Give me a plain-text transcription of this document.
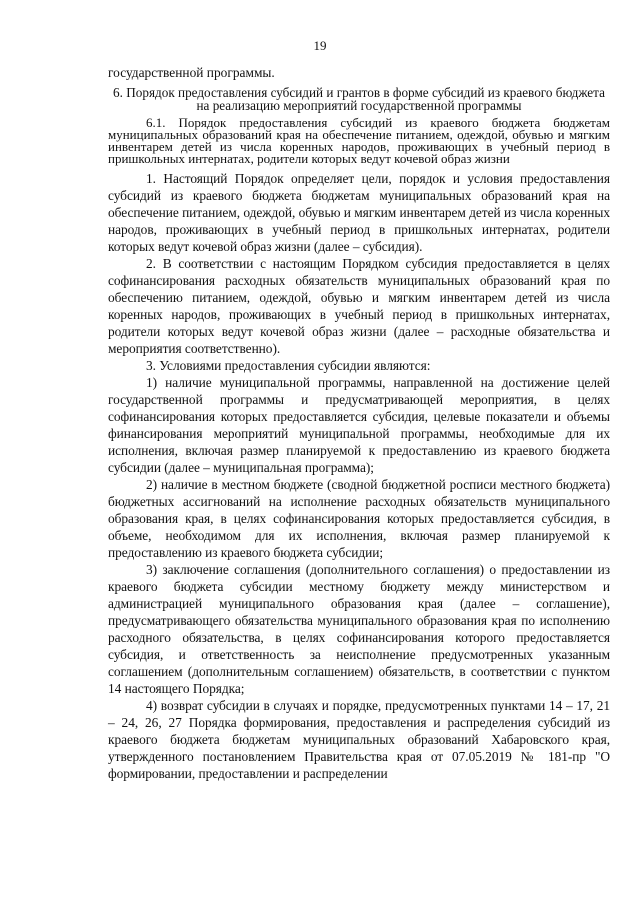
19

государственной программы.

6. Порядок предоставления субсидий и грантов в форме субсидий из краевого бюджета на реализацию мероприятий государственной программы

6.1. Порядок предоставления субсидий из краевого бюджета бюджетам муниципальных образований края на обеспечение питанием, одеждой, обувью и мягким инвентарем детей из числа коренных народов, проживающих в учебный период в пришкольных интернатах, родители которых ведут кочевой образ жизни

1. Настоящий Порядок определяет цели, порядок и условия предоставления субсидий из краевого бюджета бюджетам муниципальных образований края на обеспечение питанием, одеждой, обувью и мягким инвентарем детей из числа коренных народов, проживающих в учебный период в пришкольных интернатах, родители которых ведут кочевой образ жизни (далее – субсидия).

2. В соответствии с настоящим Порядком субсидия предоставляется в целях софинансирования расходных обязательств муниципальных образований края по обеспечению питанием, одеждой, обувью и мягким инвентарем детей из числа коренных народов, проживающих в учебный период в пришкольных интернатах, родители которых ведут кочевой образ жизни (далее – расходные обязательства и мероприятия соответственно).

3. Условиями предоставления субсидии являются:

1) наличие муниципальной программы, направленной на достижение целей государственной программы и предусматривающей мероприятия, в целях софинансирования которых предоставляется субсидия, целевые показатели и объемы финансирования мероприятий муниципальной программы, необходимые для их исполнения, включая размер планируемой к предоставлению из краевого бюджета субсидии (далее – муниципальная программа);

2) наличие в местном бюджете (сводной бюджетной росписи местного бюджета) бюджетных ассигнований на исполнение расходных обязательств муниципального образования края, в целях софинансирования которых предоставляется субсидия, в объеме, необходимом для их исполнения, включая размер планируемой к предоставлению из краевого бюджета субсидии;

3) заключение соглашения (дополнительного соглашения) о предоставлении из краевого бюджета субсидии местному бюджету между министерством и администрацией муниципального образования края (далее – соглашение), предусматривающего обязательства муниципального образования края по исполнению расходного обязательства, в целях софинансирования которого предоставляется субсидия, и ответственность за неисполнение предусмотренных указанным соглашением (дополнительным соглашением) обязательств, в соответствии с пунктом 14 настоящего Порядка;

4) возврат субсидии в случаях и порядке, предусмотренных пунктами 14 – 17, 21 – 24, 26, 27 Порядка формирования, предоставления и распределения субсидий из краевого бюджета бюджетам муниципальных образований Хабаровского края, утвержденного постановлением Правительства края от 07.05.2019 № 181-пр "О формировании, предоставлении и распределении
